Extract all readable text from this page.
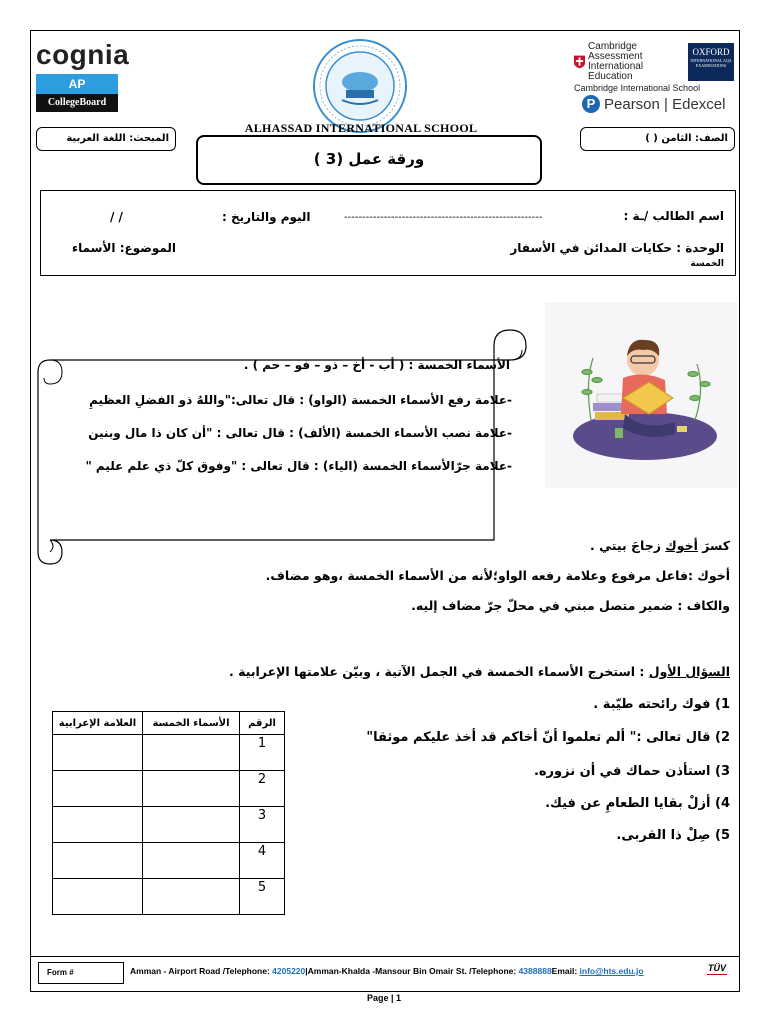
cognia
AP
CollegeBoard
ALHASSAD INTERNATIONAL SCHOOL
Cambridge Assessment
International Education
OXFORD
INTERNATIONAL AQA EXAMINATIONS
Cambridge International School
P Pearson | Edexcel
المبحث: اللغة العربية	الصف: الثامن ( )
ورقة عمل (3 )
اسم الطالب /ـة :
-------------------------------------------------------
اليوم والتاريخ :
/ /
الوحدة : حكايات المدائن في الأسفار
الموضوع: الأسماء
الخمسة
الأسماء الخمسة : ( أب - أخ – ذو – فو – حم ) .
-علامة رفع الأسماء الخمسة (الواو) : قال تعالى:"واللهُ ذو الفضلِ العظيمِ
-علامة نصب الأسماء الخمسة (الألف) : قال تعالى : "أن كان ذا مال وبنين
-علامة جرّالأسماء الخمسة (الياء) : قال تعالى : "وفوق كلّ ذي علم عليم "
كسرَ أخوك زجاجَ بيتي .
أخوك :فاعل مرفوع وعلامة رفعه الواو؛لأنه من الأسماء الخمسة ،وهو مضاف.
والكاف : ضمير متصل مبني في محلّ جرّ مضاف إليه.
السؤال الأول : استخرج الأسماء الخمسة في الجمل الآتية ، وبيّن علامتها الإعرابية .
1) فوك رائحته طيّبة .
2) قال تعالى :" ألم تعلموا أنّ أخاكم قد أخذ عليكم موثقا"
3) استأذن حماك في أن نزوره.
4) أزلْ بقايا الطعامِ عن فيك.
5) صِلْ ذا القربى.
الرقم	الأسماء الخمسة	العلامة الإعرابية
1		
2		
3		
4		
5		
Form #	Amman - Airport Road /Telephone: 4205220|Amman-Khalda -Mansour Bin Omair St. /Telephone: 4388888Email: info@hts.edu.jo	TÜV
Page | 1
